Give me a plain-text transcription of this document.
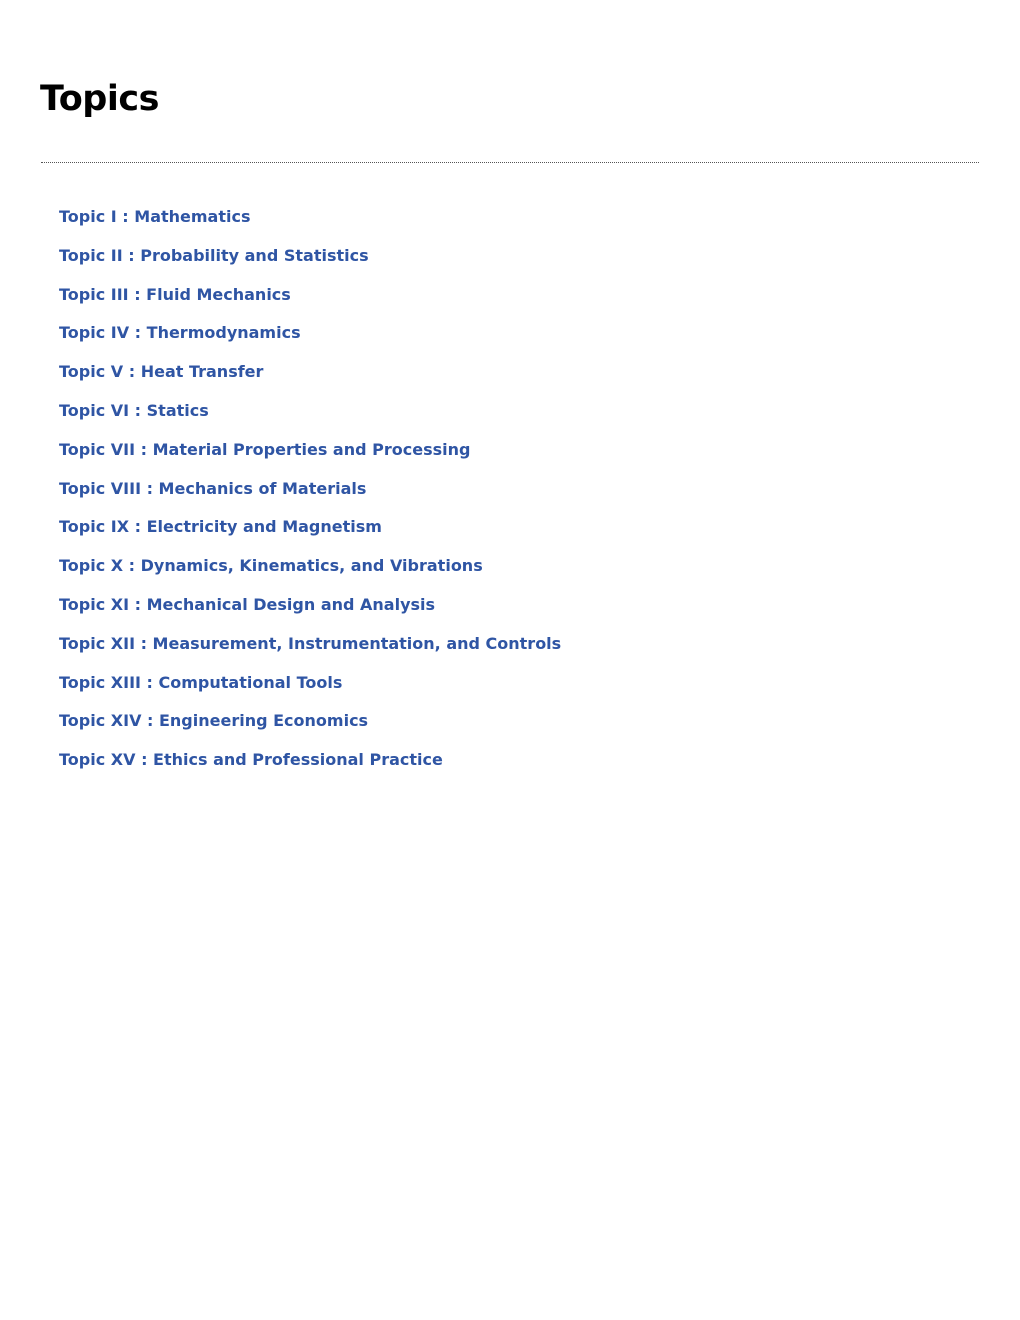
Topics
Topic I : Mathematics
Topic II : Probability and Statistics
Topic III : Fluid Mechanics
Topic IV : Thermodynamics
Topic V : Heat Transfer
Topic VI : Statics
Topic VII : Material Properties and Processing
Topic VIII : Mechanics of Materials
Topic IX : Electricity and Magnetism
Topic X : Dynamics, Kinematics, and Vibrations
Topic XI : Mechanical Design and Analysis
Topic XII : Measurement, Instrumentation, and Controls
Topic XIII : Computational Tools
Topic XIV : Engineering Economics
Topic XV : Ethics and Professional Practice
